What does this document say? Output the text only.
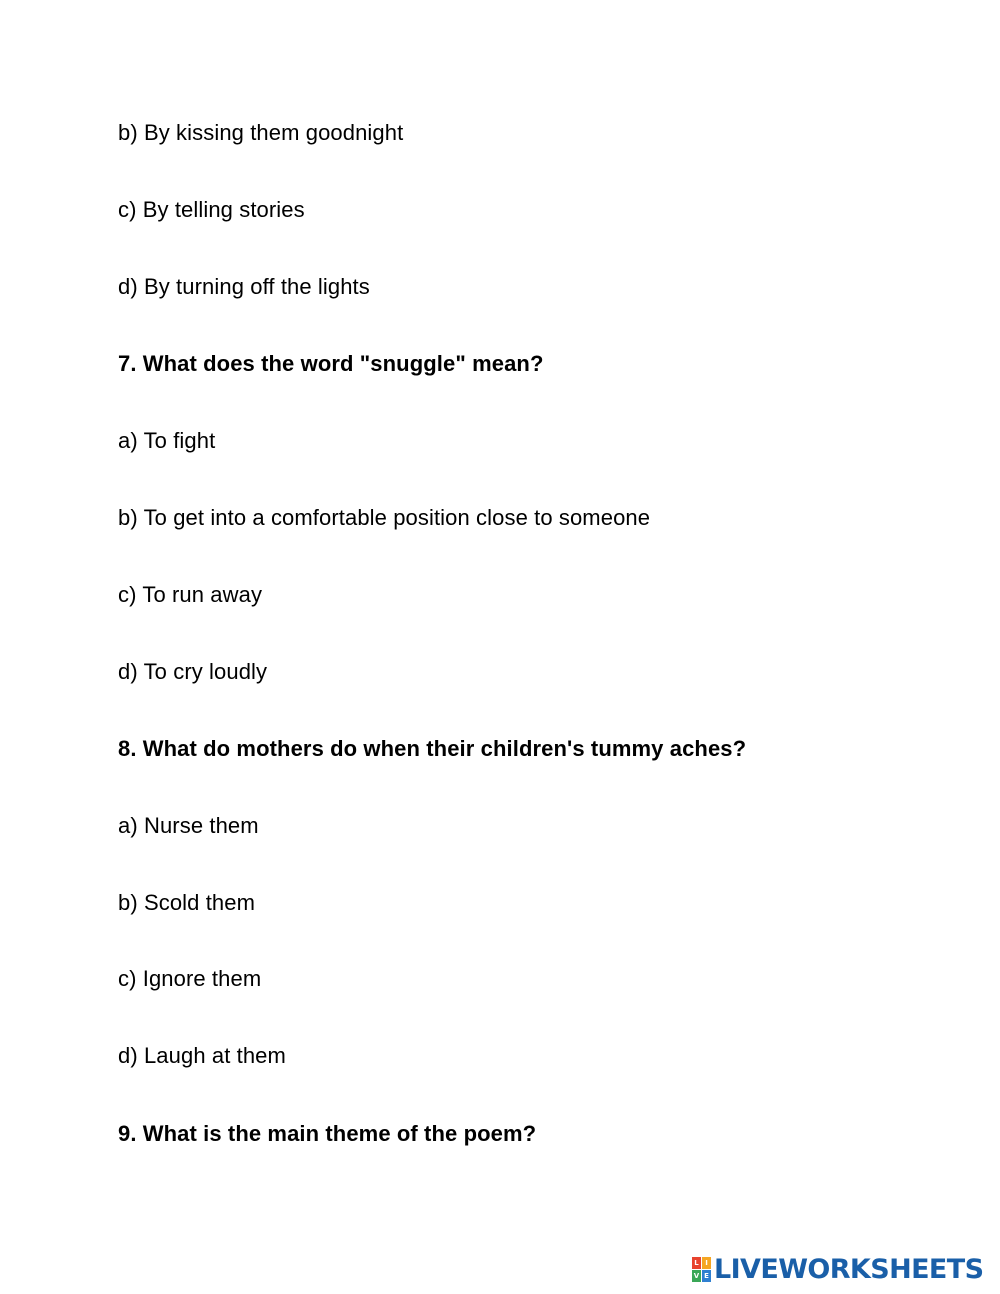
b) By kissing them goodnight
c) By telling stories
d) By turning off the lights
7. What does the word "snuggle" mean?
a) To fight
b) To get into a comfortable position close to someone
c) To run away
d) To cry loudly
8. What do mothers do when their children's tummy aches?
a) Nurse them
b) Scold them
c) Ignore them
d) Laugh at them
9. What is the main theme of the poem?
L I
V E LIVEWORKSHEETS
